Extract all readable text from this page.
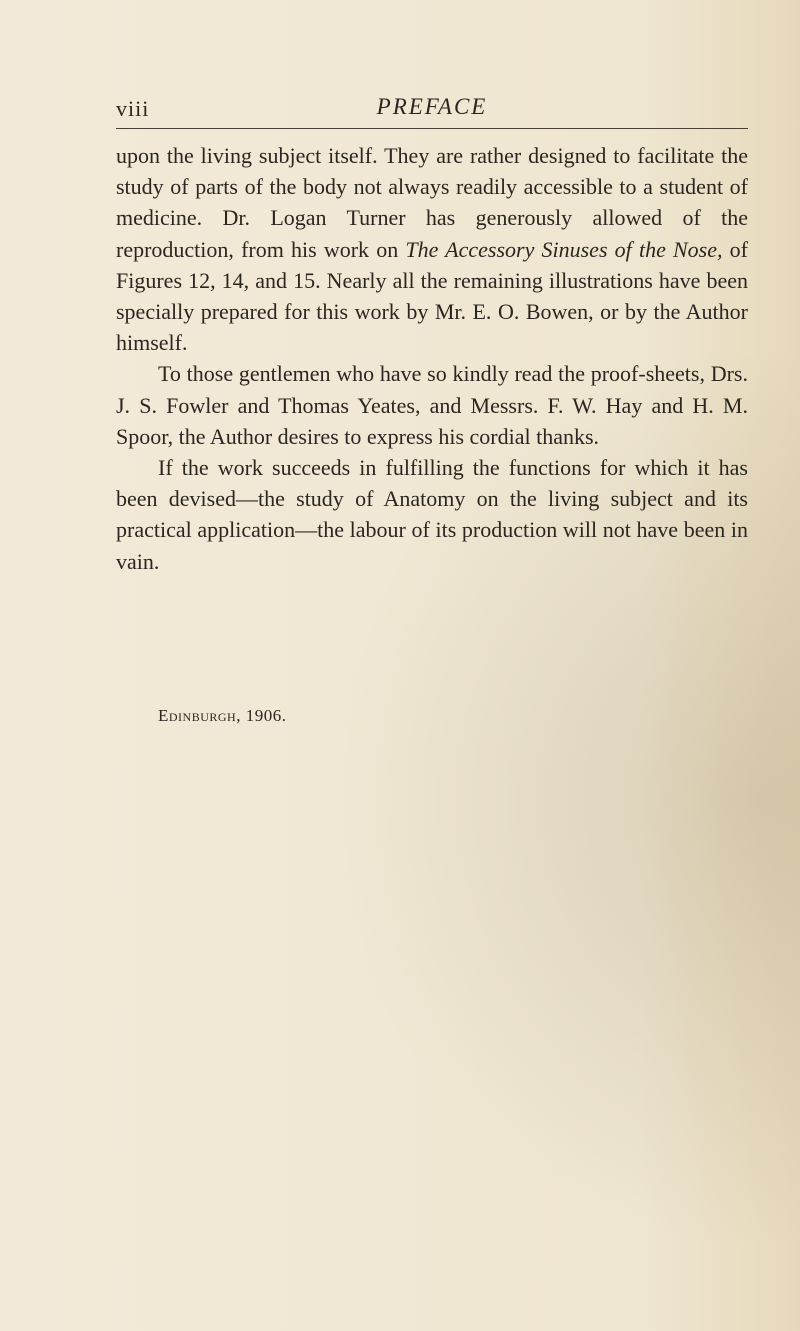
viii	PREFACE

upon the living subject itself. They are rather designed to facilitate the study of parts of the body not always readily accessible to a student of medicine. Dr. Logan Turner has generously allowed of the reproduction, from his work on The Accessory Sinuses of the Nose, of Figures 12, 14, and 15. Nearly all the remaining illustrations have been specially prepared for this work by Mr. E. O. Bowen, or by the Author himself.

To those gentlemen who have so kindly read the proof-sheets, Drs. J. S. Fowler and Thomas Yeates, and Messrs. F. W. Hay and H. M. Spoor, the Author desires to express his cordial thanks.

If the work succeeds in fulfilling the functions for which it has been devised—the study of Anatomy on the living subject and its practical application—the labour of its production will not have been in vain.

Edinburgh, 1906.
